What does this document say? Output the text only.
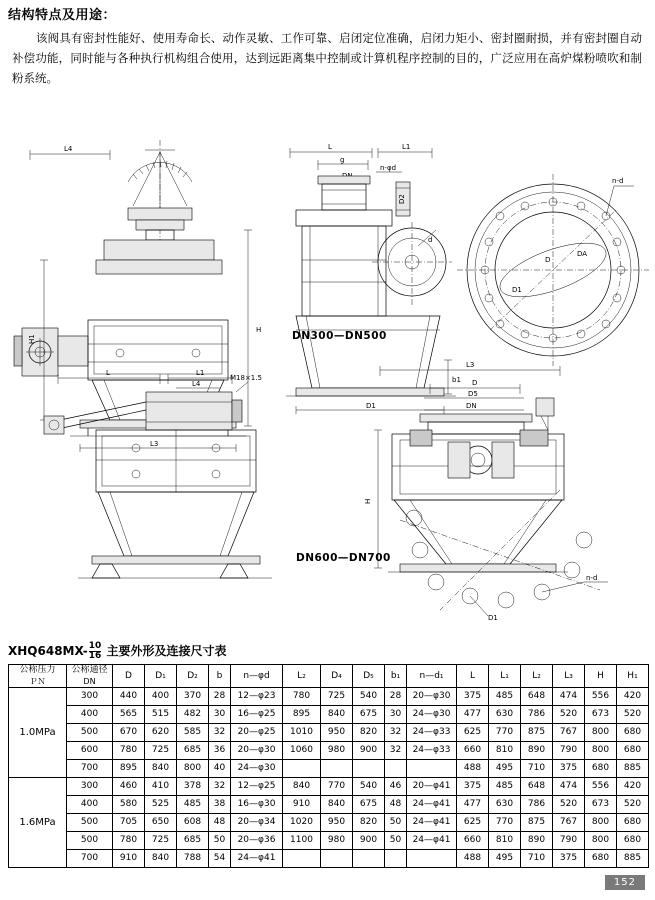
结构特点及用途：
该阀具有密封性能好、使用寿命长、动作灵敏、工作可靠、启闭定位准确，启闭力矩小、密封圈耐损，并有密封圈自动补偿功能，同时能与各种执行机构组合使用，达到远距离集中控制或计算机程序控制的目的，广泛应用在高炉煤粉喷吹和制粉系统。
L4
H1
H
L3
L	L1
g
n-φd
D2
d
D1
b1
n-d
D
DA
D1
L	L1
L4
M18×1.5
L3
D
D5
DN
H
n-d
D1
DN300—DN500
DN600—DN700
$XHQ648MX- \frac{10}{16}$ 主要外形及连接尺寸表
公称压力
ＰＮ

公称通径
DN
	D	D₁	D₂	b	n—φd	L₂	D₄	D₅	b₁	n—d₁	L	L₁	L₂	L₃	H	H₁
1.0MPa	300	440	400	370	28	12—φ23	780	725	540	28	20—φ30	375	485	648	474	556	420
	400	565	515	482	30	16—φ25	895	840	675	30	24—φ30	477	630	786	520	673	520
	500	670	620	585	32	20—φ25	1010	950	820	32	24—φ33	625	770	875	767	800	680
	600	780	725	685	36	20—φ30	1060	980	900	32	24—φ33	660	810	890	790	800	680
	700	895	840	800	40	24—φ30						488	495	710	375	680	885
1.6MPa	300	460	410	378	32	12—φ25	840	770	540	46	20—φ41	375	485	648	474	556	420
	400	580	525	485	38	16—φ30	910	840	675	48	24—φ41	477	630	786	520	673	520
	500	705	650	608	48	20—φ34	1020	950	820	50	24—φ41	625	770	875	767	800	680
	500	780	725	685	50	20—φ36	1100	980	900	50	24—φ41	660	810	890	790	800	680
	700	910	840	788	54	24—φ41						488	495	710	375	680	885
152
